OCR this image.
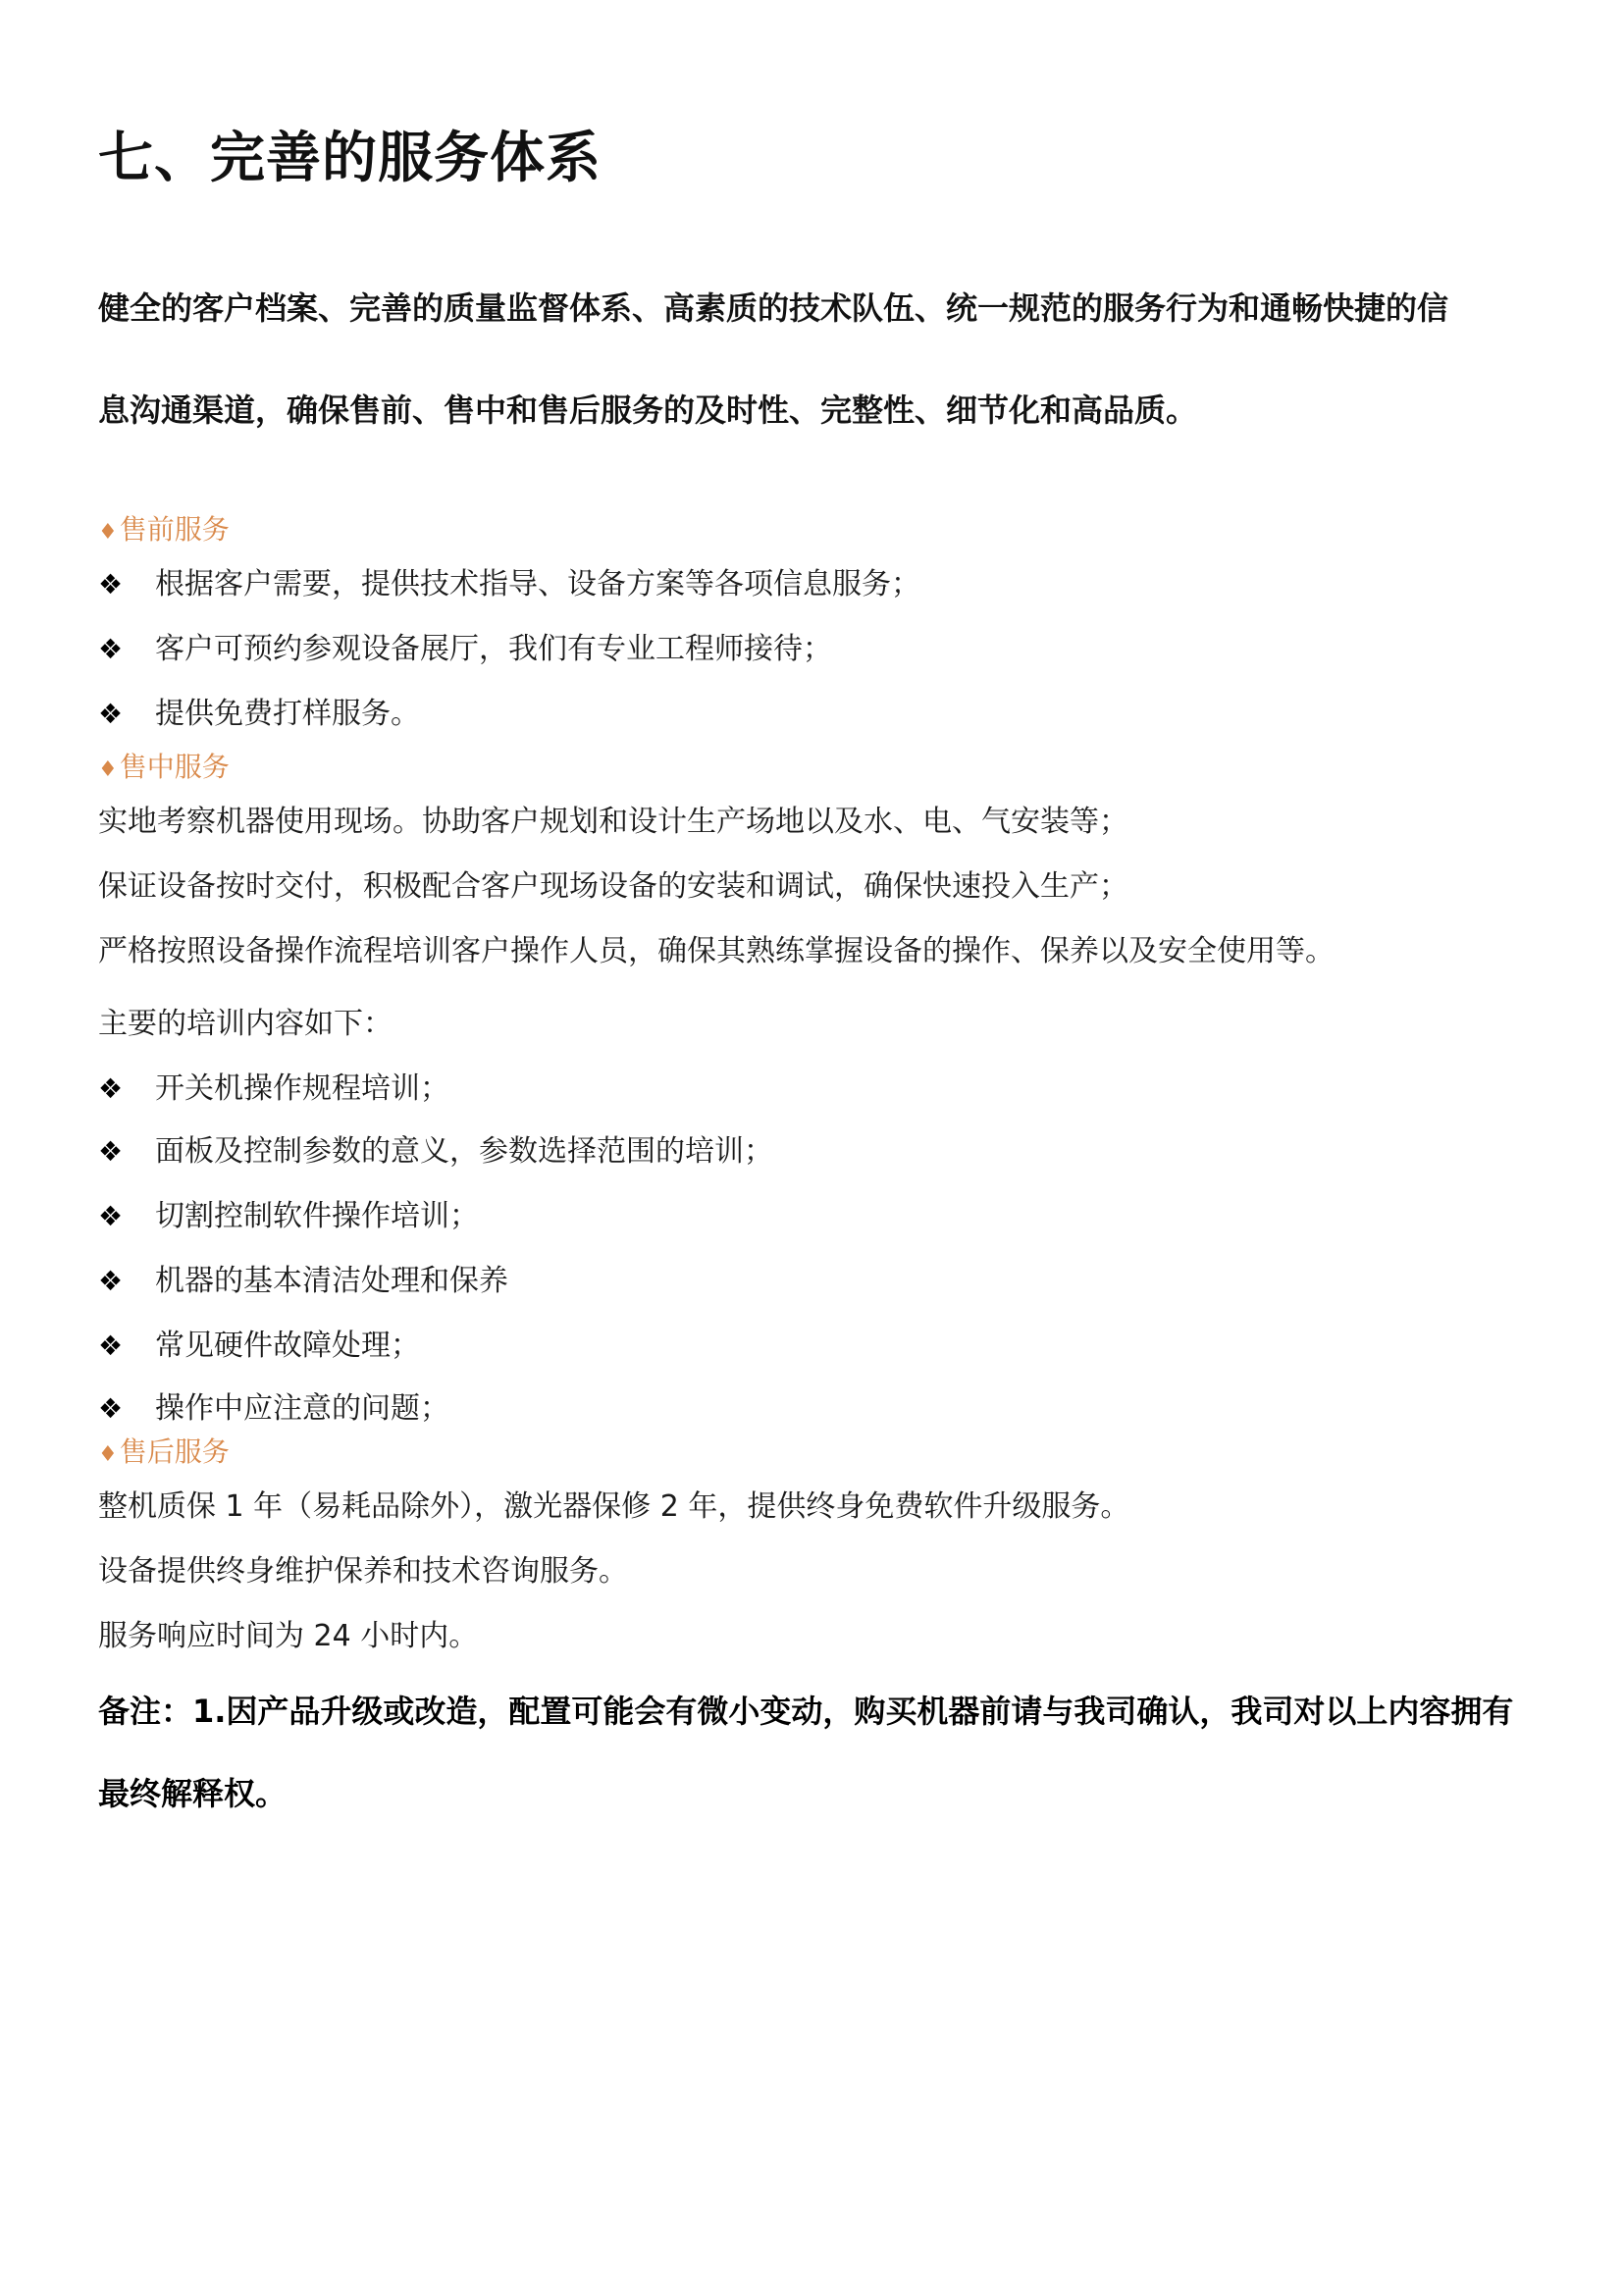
七、完善的服务体系
健全的客户档案、完善的质量监督体系、高素质的技术队伍、统一规范的服务行为和通畅快捷的信
息沟通渠道，确保售前、售中和售后服务的及时性、完整性、细节化和高品质。
♦售前服务
❖ 根据客户需要，提供技术指导、设备方案等各项信息服务；
❖ 客户可预约参观设备展厅，我们有专业工程师接待；
❖ 提供免费打样服务。
♦售中服务
实地考察机器使用现场。协助客户规划和设计生产场地以及水、电、气安装等；
保证设备按时交付，积极配合客户现场设备的安装和调试，确保快速投入生产；
严格按照设备操作流程培训客户操作人员，确保其熟练掌握设备的操作、保养以及安全使用等。
主要的培训内容如下：
❖ 开关机操作规程培训；
❖ 面板及控制参数的意义，参数选择范围的培训；
❖ 切割控制软件操作培训；
❖ 机器的基本清洁处理和保养
❖ 常见硬件故障处理；
❖ 操作中应注意的问题；
♦售后服务
整机质保 1 年（易耗品除外），激光器保修 2 年，提供终身免费软件升级服务。
设备提供终身维护保养和技术咨询服务。
服务响应时间为 24 小时内。
备注：1.因产品升级或改造，配置可能会有微小变动，购买机器前请与我司确认，我司对以上内容拥有
最终解释权。
